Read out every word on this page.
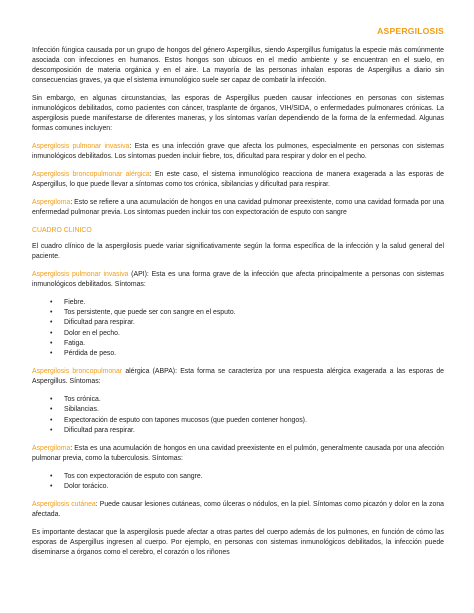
ASPERGILOSIS

Infección fúngica causada por un grupo de hongos del género Aspergillus, siendo Aspergillus fumigatus la especie más comúnmente asociada con infecciones en humanos. Estos hongos son ubicuos en el medio ambiente y se encuentran en el suelo, en descomposición de materia orgánica y en el aire. La mayoría de las personas inhalan esporas de Aspergillus a diario sin consecuencias graves, ya que el sistema inmunológico suele ser capaz de combatir la infección.

Sin embargo, en algunas circunstancias, las esporas de Aspergillus pueden causar infecciones en personas con sistemas inmunológicos debilitados, como pacientes con cáncer, trasplante de órganos, VIH/SIDA, o enfermedades pulmonares crónicas. La aspergilosis puede manifestarse de diferentes maneras, y los síntomas varían dependiendo de la forma de la enfermedad. Algunas formas comunes incluyen:

Aspergilosis pulmonar invasiva: Esta es una infección grave que afecta los pulmones, especialmente en personas con sistemas inmunológicos debilitados. Los síntomas pueden incluir fiebre, tos, dificultad para respirar y dolor en el pecho.

Aspergilosis broncopulmonar alérgica: En este caso, el sistema inmunológico reacciona de manera exagerada a las esporas de Aspergillus, lo que puede llevar a síntomas como tos crónica, sibilancias y dificultad para respirar.

Aspergiloma: Esto se refiere a una acumulación de hongos en una cavidad pulmonar preexistente, como una cavidad formada por una enfermedad pulmonar previa. Los síntomas pueden incluir tos con expectoración de esputo con sangre

CUADRO CLINICO

El cuadro clínico de la aspergilosis puede variar significativamente según la forma específica de la infección y la salud general del paciente.

Aspergilosis pulmonar invasiva (API): Esta es una forma grave de la infección que afecta principalmente a personas con sistemas inmunológicos debilitados. Síntomas:

• Fiebre.
• Tos persistente, que puede ser con sangre en el esputo.
• Dificultad para respirar.
• Dolor en el pecho.
• Fatiga.
• Pérdida de peso.

Aspergilosis broncopulmonar alérgica (ABPA): Esta forma se caracteriza por una respuesta alérgica exagerada a las esporas de Aspergillus. Síntomas:

• Tos crónica.
• Sibilancias.
• Expectoración de esputo con tapones mucosos (que pueden contener hongos).
• Dificultad para respirar.

Aspergiloma: Esta es una acumulación de hongos en una cavidad preexistente en el pulmón, generalmente causada por una afección pulmonar previa, como la tuberculosis. Síntomas:

• Tos con expectoración de esputo con sangre.
• Dolor torácico.

Aspergilosis cutánea: Puede causar lesiones cutáneas, como úlceras o nódulos, en la piel. Síntomas como picazón y dolor en la zona afectada.

Es importante destacar que la aspergilosis puede afectar a otras partes del cuerpo además de los pulmones, en función de cómo las esporas de Aspergillus ingresen al cuerpo. Por ejemplo, en personas con sistemas inmunológicos debilitados, la infección puede diseminarse a órganos como el cerebro, el corazón o los riñones
